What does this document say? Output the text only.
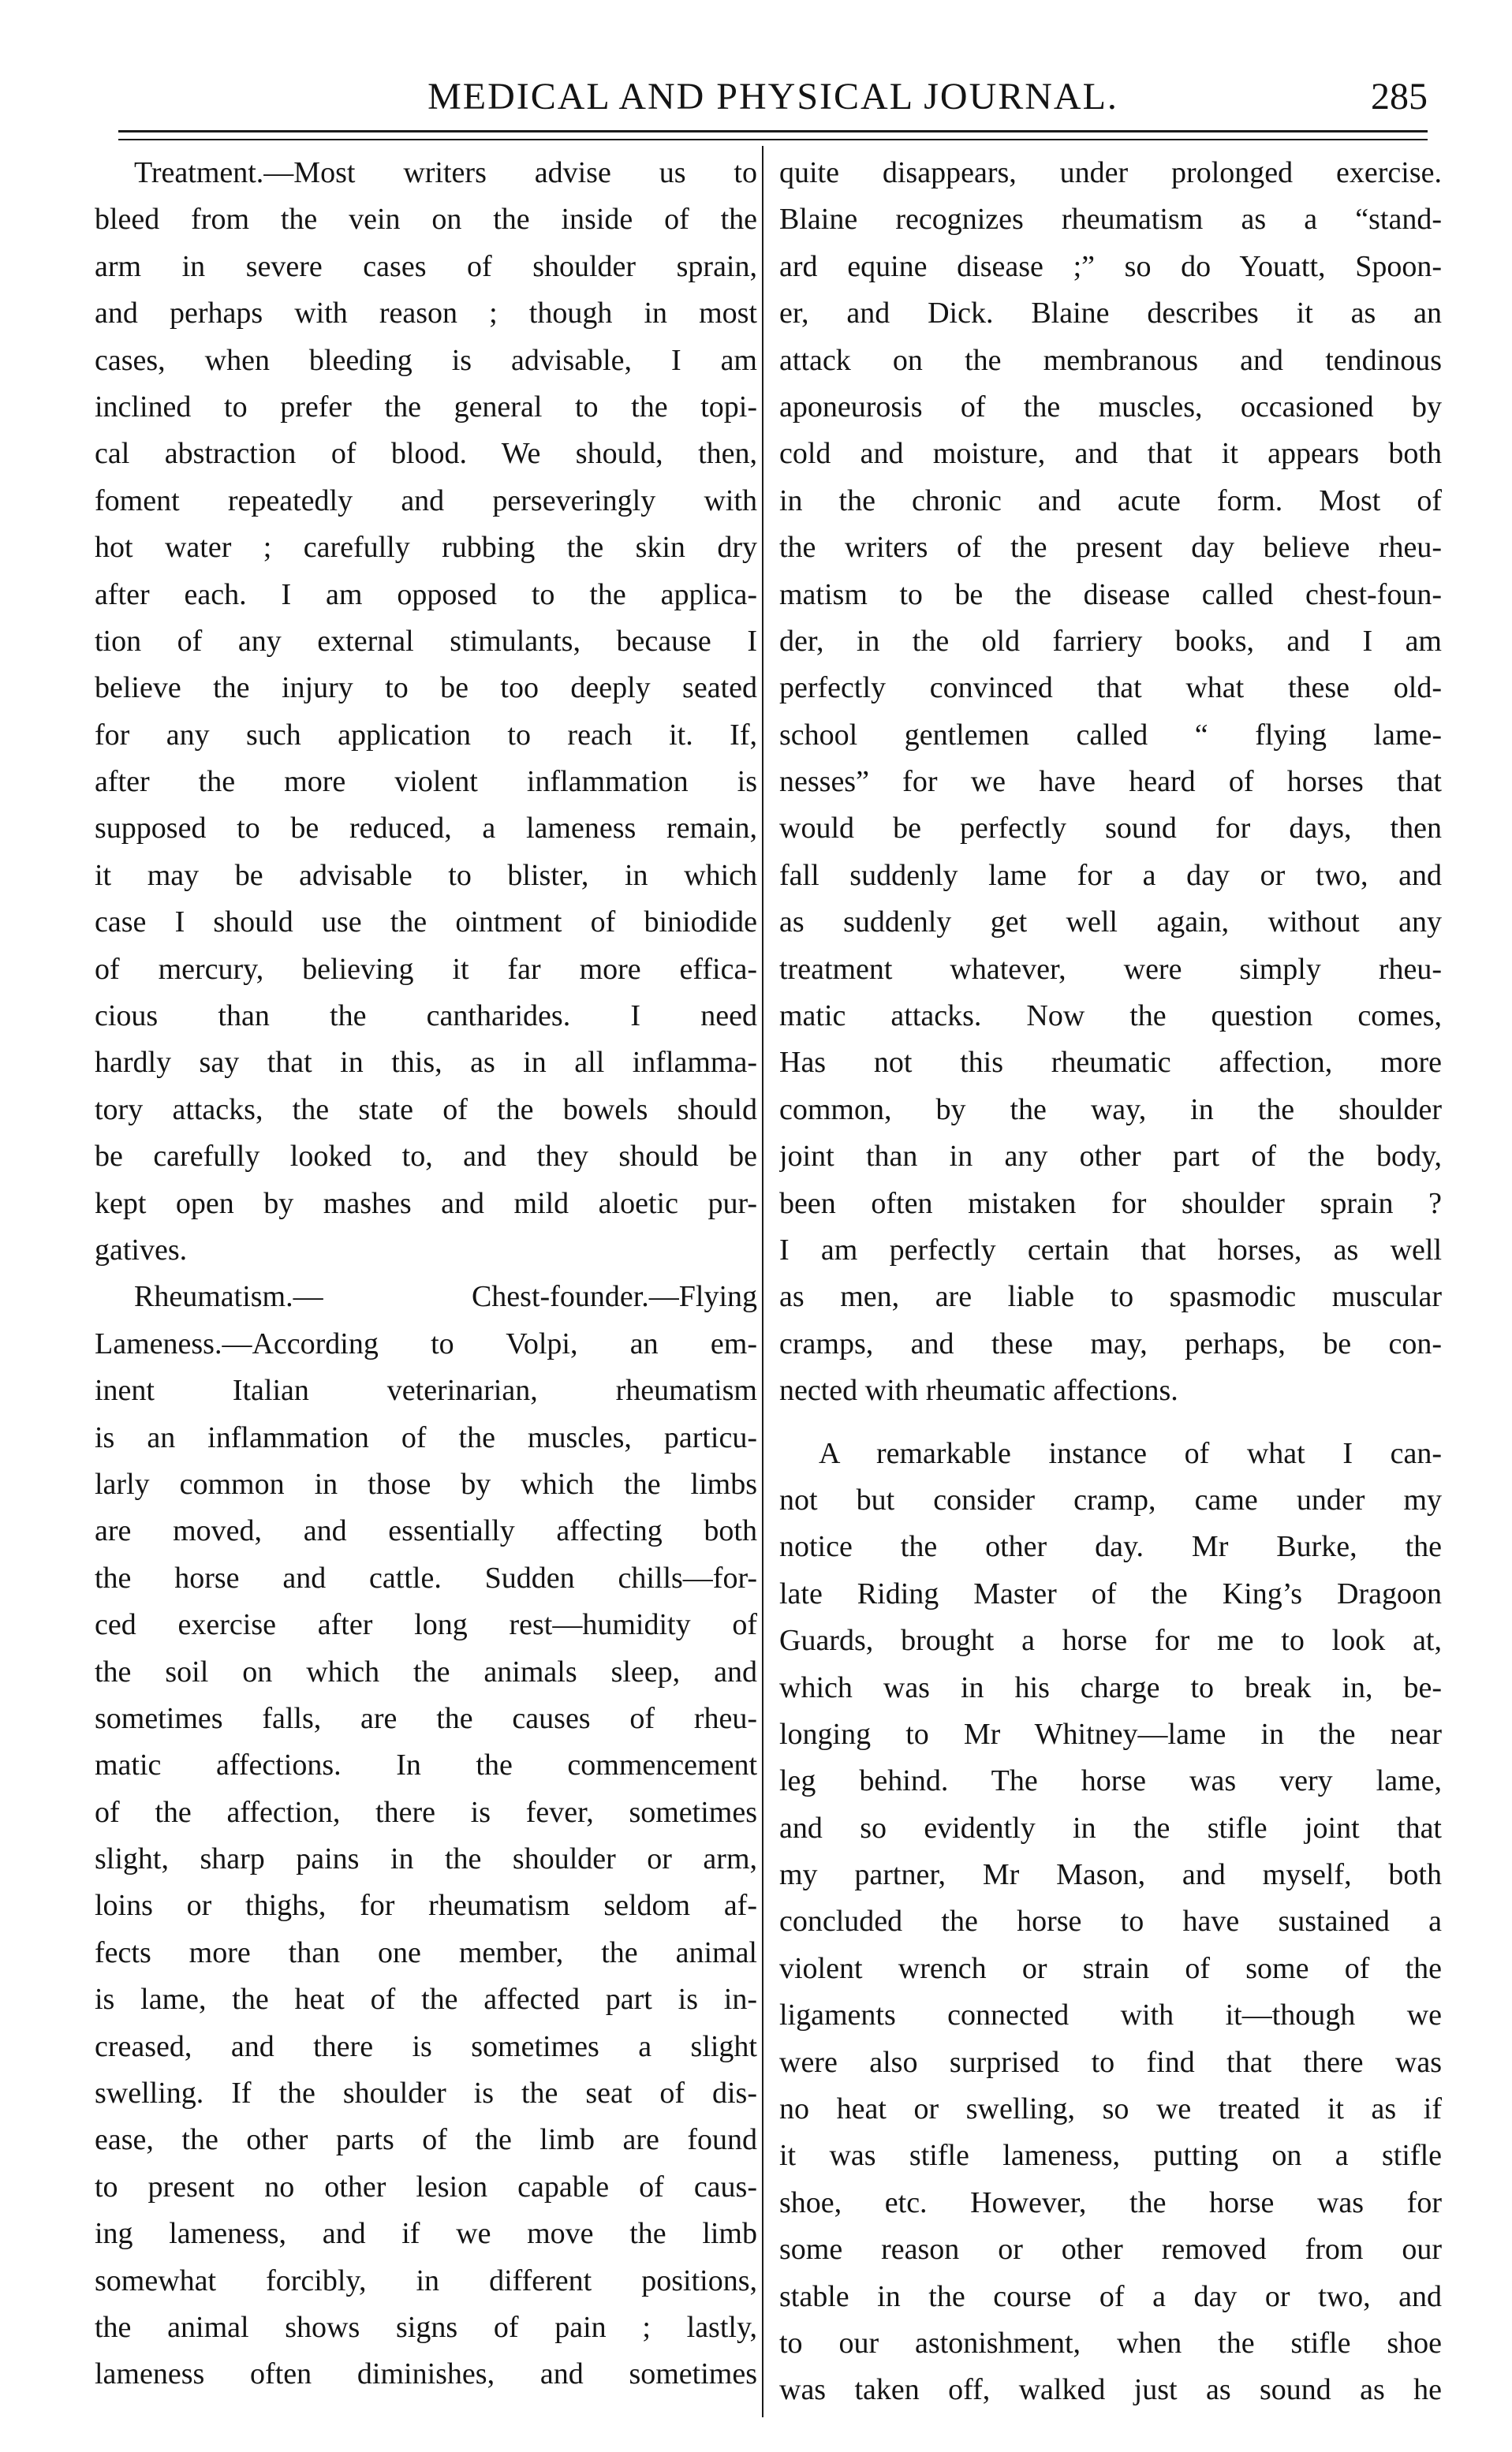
MEDICAL AND PHYSICAL JOURNAL.	285
Treatment.—Most writers advise us to
bleed from the vein on the inside of the
arm in severe cases of shoulder sprain,
and perhaps with reason ; though in most
cases, when bleeding is advisable, I am
inclined to prefer the general to the topi-
cal abstraction of blood. We should, then,
foment repeatedly and perseveringly with
hot water ; carefully rubbing the skin dry
after each. I am opposed to the applica-
tion of any external stimulants, because I
believe the injury to be too deeply seated
for any such application to reach it. If,
after the more violent inflammation is
supposed to be reduced, a lameness remain,
it may be advisable to blister, in which
case I should use the ointment of biniodide
of mercury, believing it far more effica-
cious than the cantharides. I need
hardly say that in this, as in all inflamma-
tory attacks, the state of the bowels should
be carefully looked to, and they should be
kept open by mashes and mild aloetic pur-
gatives.
Rheumatism.— Chest-founder.—Flying
Lameness.—According to Volpi, an em-
inent Italian veterinarian, rheumatism
is an inflammation of the muscles, particu-
larly common in those by which the limbs
are moved, and essentially affecting both
the horse and cattle. Sudden chills—for-
ced exercise after long rest—humidity of
the soil on which the animals sleep, and
sometimes falls, are the causes of rheu-
matic affections. In the commencement
of the affection, there is fever, sometimes
slight, sharp pains in the shoulder or arm,
loins or thighs, for rheumatism seldom af-
fects more than one member, the animal
is lame, the heat of the affected part is in-
creased, and there is sometimes a slight
swelling. If the shoulder is the seat of dis-
ease, the other parts of the limb are found
to present no other lesion capable of caus-
ing lameness, and if we move the limb
somewhat forcibly, in different positions,
the animal shows signs of pain ; lastly,
lameness often diminishes, and sometimes
quite disappears, under prolonged exercise.
Blaine recognizes rheumatism as a “stand-
ard equine disease ;” so do Youatt, Spoon-
er, and Dick. Blaine describes it as an
attack on the membranous and tendinous
aponeurosis of the muscles, occasioned by
cold and moisture, and that it appears both
in the chronic and acute form. Most of
the writers of the present day believe rheu-
matism to be the disease called chest-foun-
der, in the old farriery books, and I am
perfectly convinced that what these old-
school gentlemen called “ flying lame-
nesses” for we have heard of horses that
would be perfectly sound for days, then
fall suddenly lame for a day or two, and
as suddenly get well again, without any
treatment whatever, were simply rheu-
matic attacks. Now the question comes,
Has not this rheumatic affection, more
common, by the way, in the shoulder
joint than in any other part of the body,
been often mistaken for shoulder sprain ?
I am perfectly certain that horses, as well
as men, are liable to spasmodic muscular
cramps, and these may, perhaps, be con-
nected with rheumatic affections.
A remarkable instance of what I can-
not but consider cramp, came under my
notice the other day. Mr Burke, the
late Riding Master of the King’s Dragoon
Guards, brought a horse for me to look at,
which was in his charge to break in, be-
longing to Mr Whitney—lame in the near
leg behind. The horse was very lame,
and so evidently in the stifle joint that
my partner, Mr Mason, and myself, both
concluded the horse to have sustained a
violent wrench or strain of some of the
ligaments connected with it—though we
were also surprised to find that there was
no heat or swelling, so we treated it as if
it was stifle lameness, putting on a stifle
shoe, etc. However, the horse was for
some reason or other removed from our
stable in the course of a day or two, and
to our astonishment, when the stifle shoe
was taken off, walked just as sound as he
